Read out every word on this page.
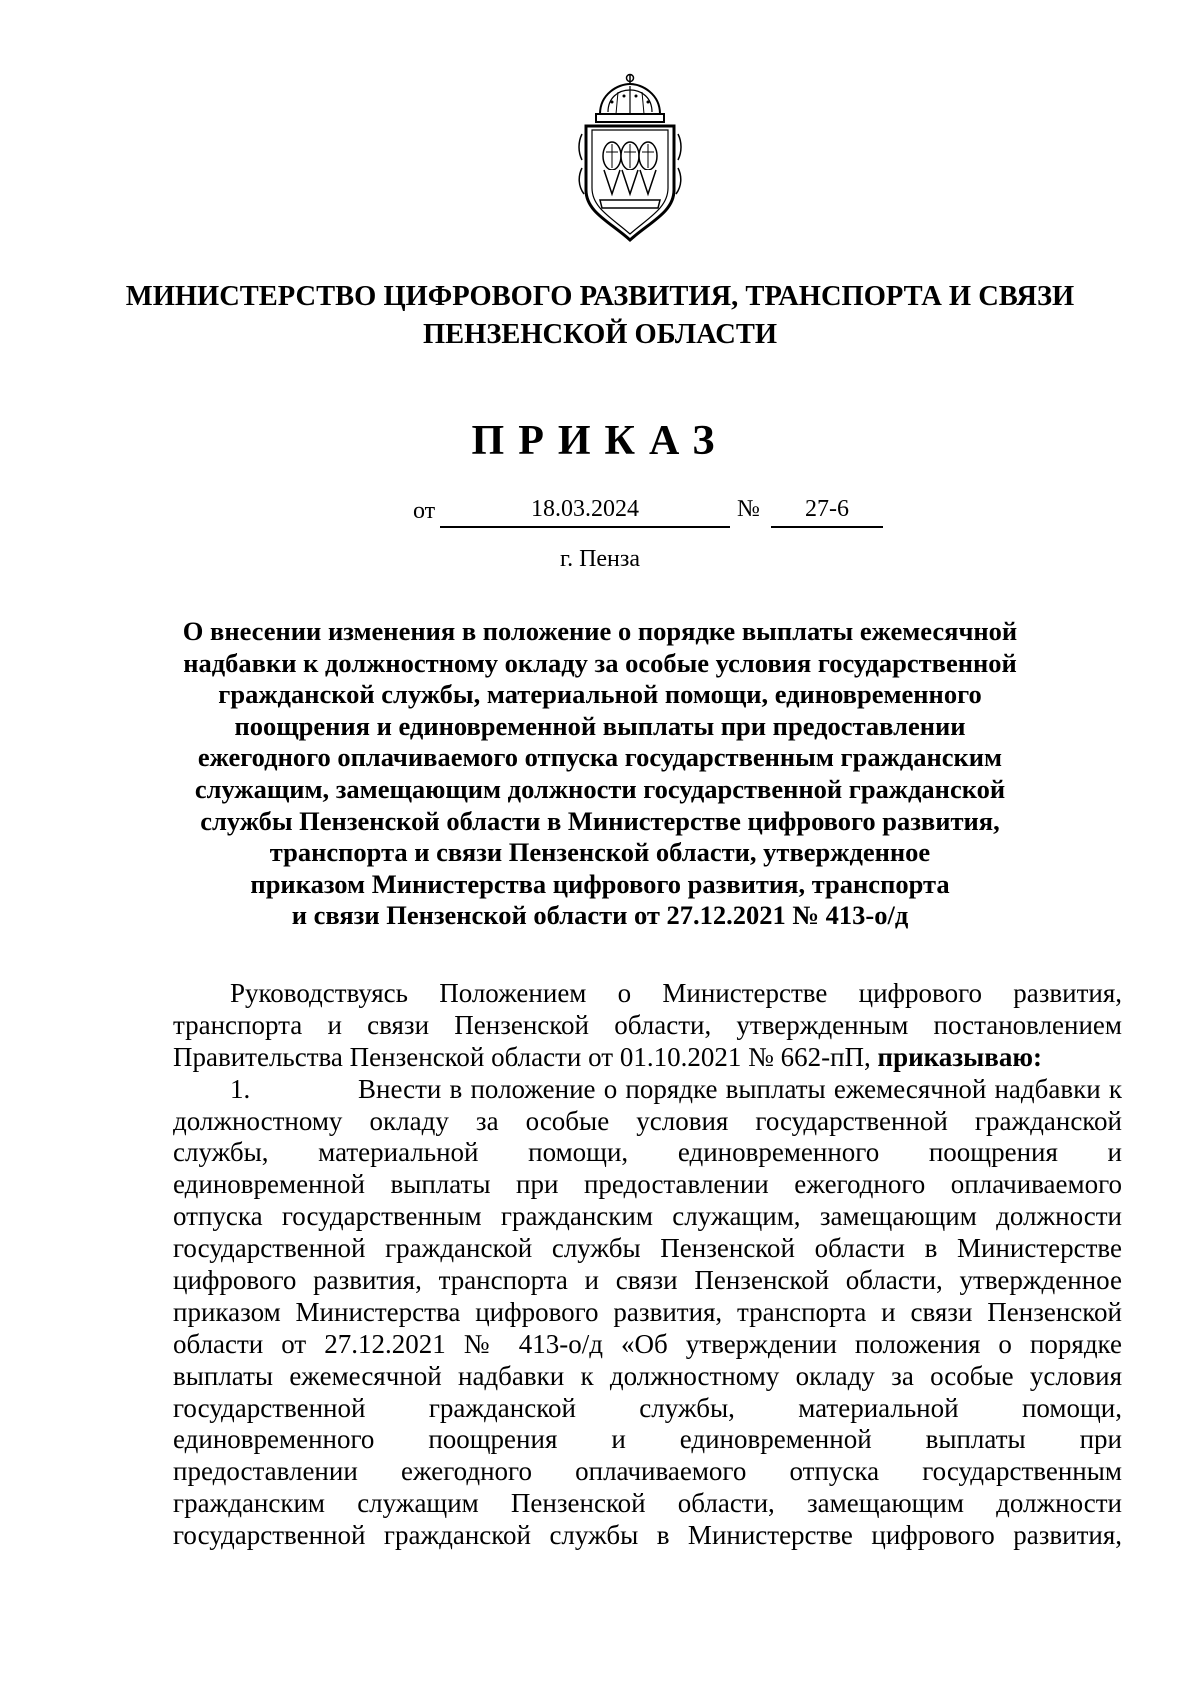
МИНИСТЕРСТВО ЦИФРОВОГО РАЗВИТИЯ, ТРАНСПОРТА И СВЯЗИ
ПЕНЗЕНСКОЙ ОБЛАСТИ
ПРИКАЗ
от	18.03.2024	№	27-6
г. Пенза
О внесении изменения в положение о порядке выплаты ежемесячной
надбавки к должностному окладу за особые условия государственной
гражданской службы, материальной помощи, единовременного
поощрения и единовременной выплаты при предоставлении
ежегодного оплачиваемого отпуска государственным гражданским
служащим, замещающим должности государственной гражданской
службы Пензенской области в Министерстве цифрового развития,
транспорта и связи Пензенской области, утвержденное
приказом Министерства цифрового развития, транспорта
и связи Пензенской области от 27.12.2021 № 413-о/д
Руководствуясь Положением о Министерстве цифрового развития,
транспорта и связи Пензенской области, утвержденным постановлением
Правительства Пензенской области от 01.10.2021 № 662-пП, приказываю:
1.	Внести в положение о порядке выплаты ежемесячной надбавки к
должностному окладу за особые условия государственной гражданской
службы, материальной помощи, единовременного поощрения и
единовременной выплаты при предоставлении ежегодного оплачиваемого
отпуска государственным гражданским служащим, замещающим должности
государственной гражданской службы Пензенской области в Министерстве
цифрового развития, транспорта и связи Пензенской области, утвержденное
приказом Министерства цифрового развития, транспорта и связи Пензенской
области от 27.12.2021 № 413-о/д «Об утверждении положения о порядке
выплаты ежемесячной надбавки к должностному окладу за особые условия
государственной гражданской службы, материальной помощи,
единовременного поощрения и единовременной выплаты при
предоставлении ежегодного оплачиваемого отпуска государственным
гражданским служащим Пензенской области, замещающим должности
государственной гражданской службы в Министерстве цифрового развития,
